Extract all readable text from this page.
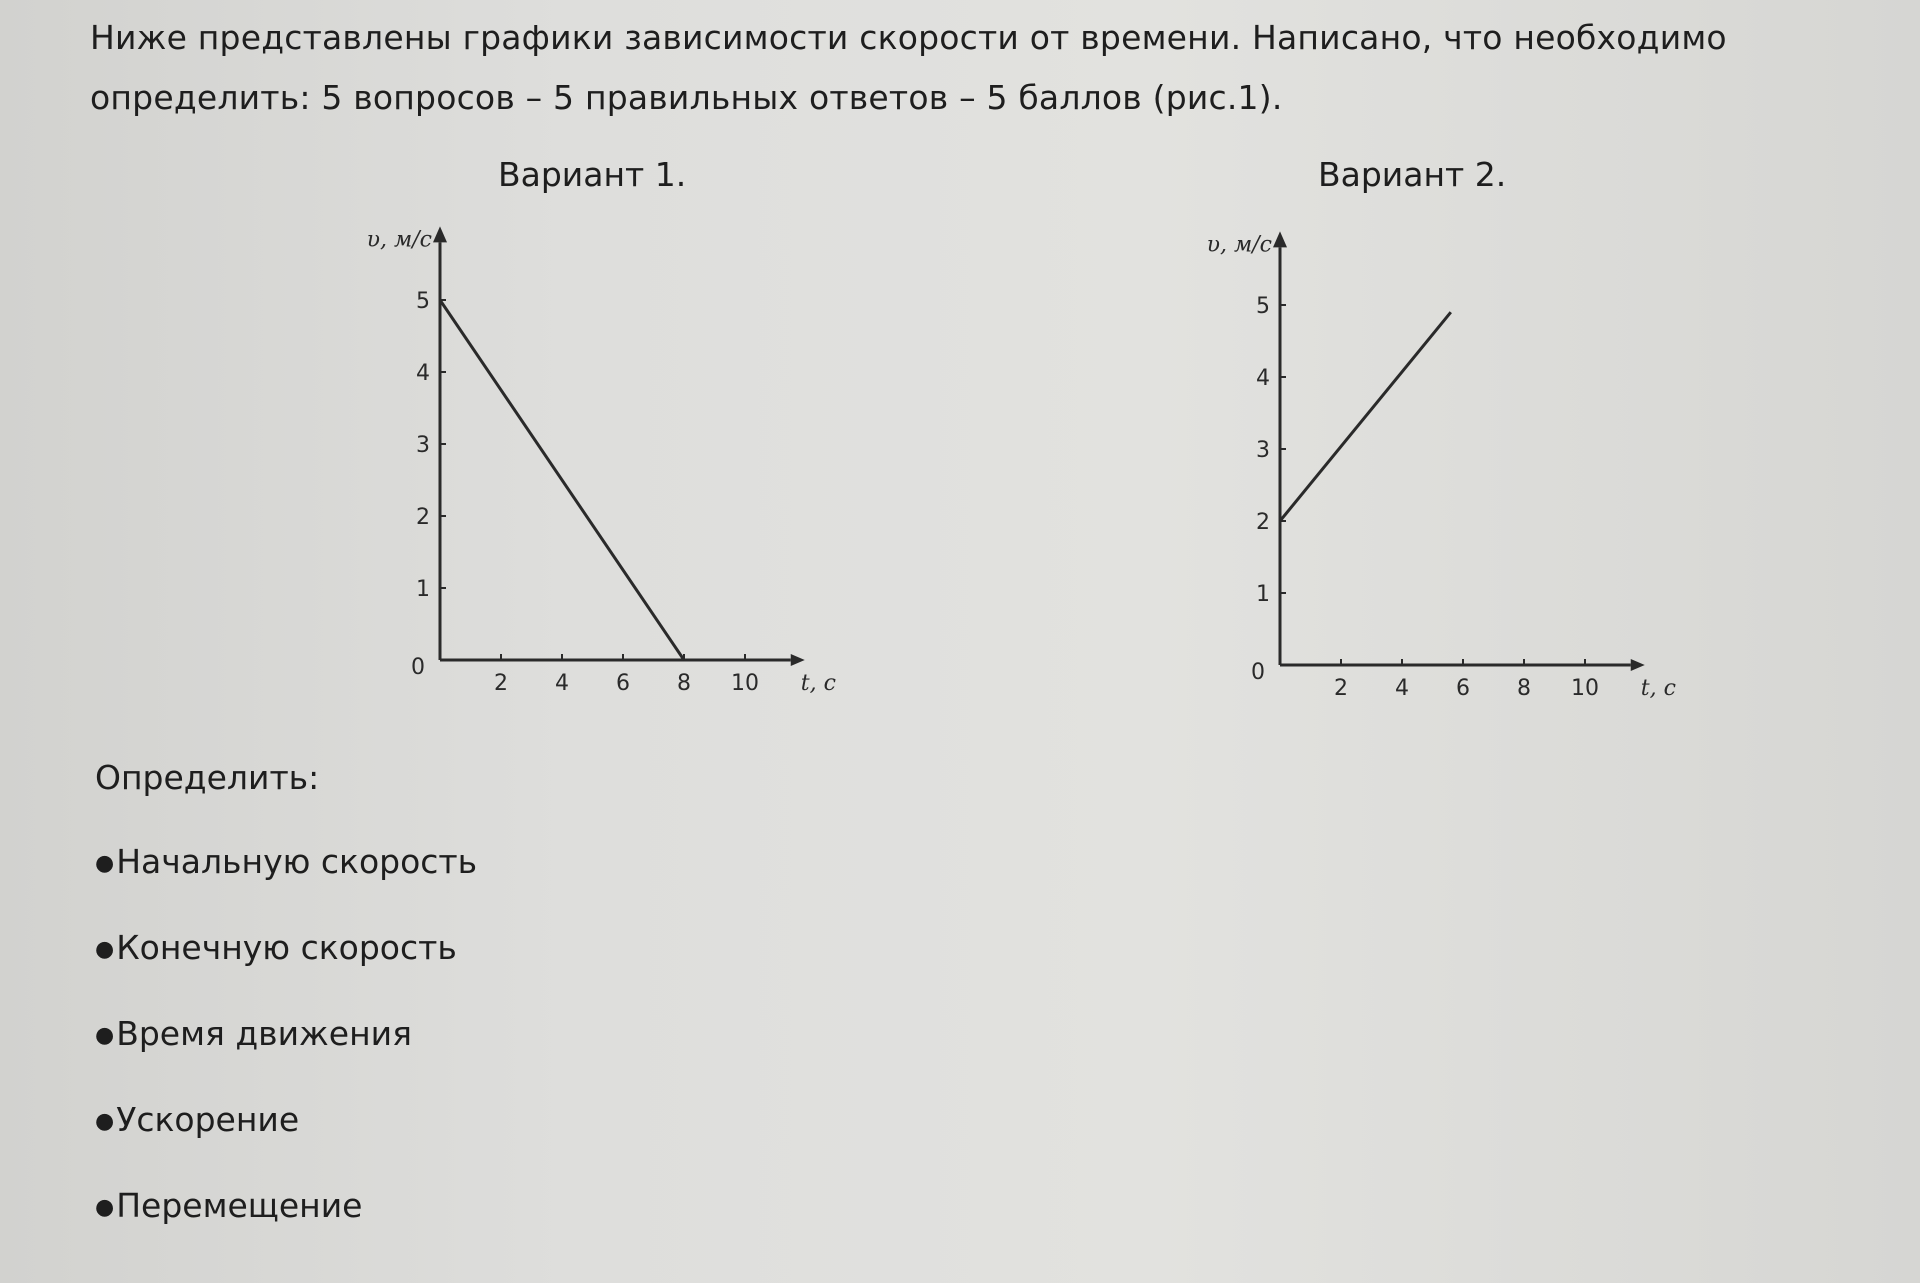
Ниже представлены графики зависимости скорости от времени. Написано, что необходимо определить: 5 вопросов – 5 правильных ответов – 5 баллов (рис.1).

Вариант 1.	Вариант 2.
2 4 6 8 10
1
2
3
4
5
0
t, c
υ, м/с
2 4 6 8 10
1
2
3
4
5
0
t, c
υ, м/с
Определить:
●Начальную скорость
●Конечную скорость
●Время движения
●Ускорение
●Перемещение
